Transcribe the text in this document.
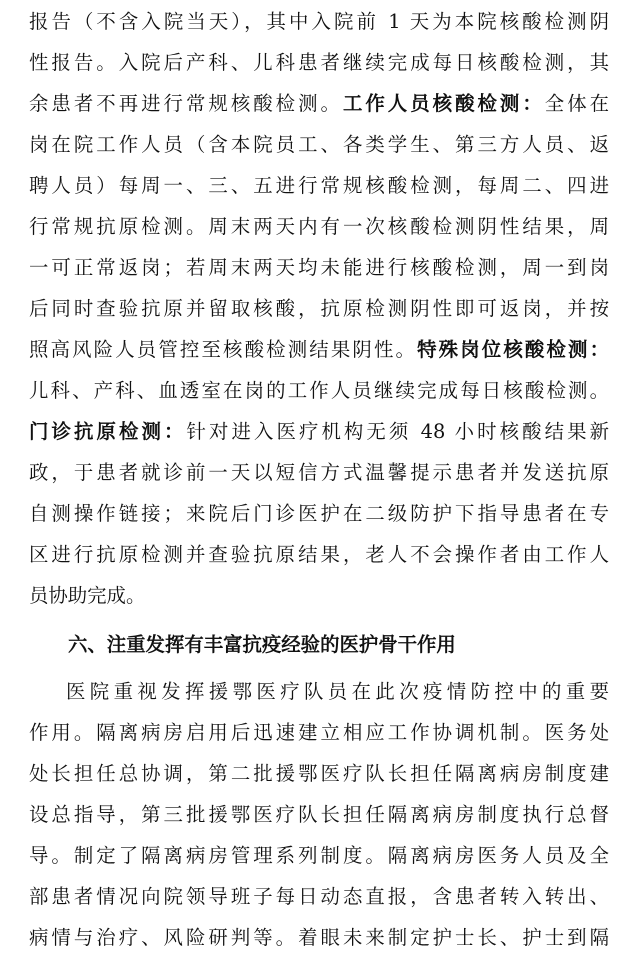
报告（不含入院当天），其中入院前 1 天为本院核酸检测阴
性报告。入院后产科、儿科患者继续完成每日核酸检测，其
余患者不再进行常规核酸检测。工作人员核酸检测：全体在
岗在院工作人员（含本院员工、各类学生、第三方人员、返
聘人员）每周一、三、五进行常规核酸检测，每周二、四进
行常规抗原检测。周末两天内有一次核酸检测阴性结果，周
一可正常返岗；若周末两天均未能进行核酸检测，周一到岗
后同时查验抗原并留取核酸，抗原检测阴性即可返岗，并按
照高风险人员管控至核酸检测结果阴性。特殊岗位核酸检测：
儿科、产科、血透室在岗的工作人员继续完成每日核酸检测。
门诊抗原检测：针对进入医疗机构无须 48 小时核酸结果新
政，于患者就诊前一天以短信方式温馨提示患者并发送抗原
自测操作链接；来院后门诊医护在二级防护下指导患者在专
区进行抗原检测并查验抗原结果，老人不会操作者由工作人
员协助完成。
六、注重发挥有丰富抗疫经验的医护骨干作用
医院重视发挥援鄂医疗队员在此次疫情防控中的重要
作用。隔离病房启用后迅速建立相应工作协调机制。医务处
处长担任总协调，第二批援鄂医疗队长担任隔离病房制度建
设总指导，第三批援鄂医疗队长担任隔离病房制度执行总督
导。制定了隔离病房管理系列制度。隔离病房医务人员及全
部患者情况向院领导班子每日动态直报，含患者转入转出、
病情与治疗、风险研判等。着眼未来制定护士长、护士到隔
